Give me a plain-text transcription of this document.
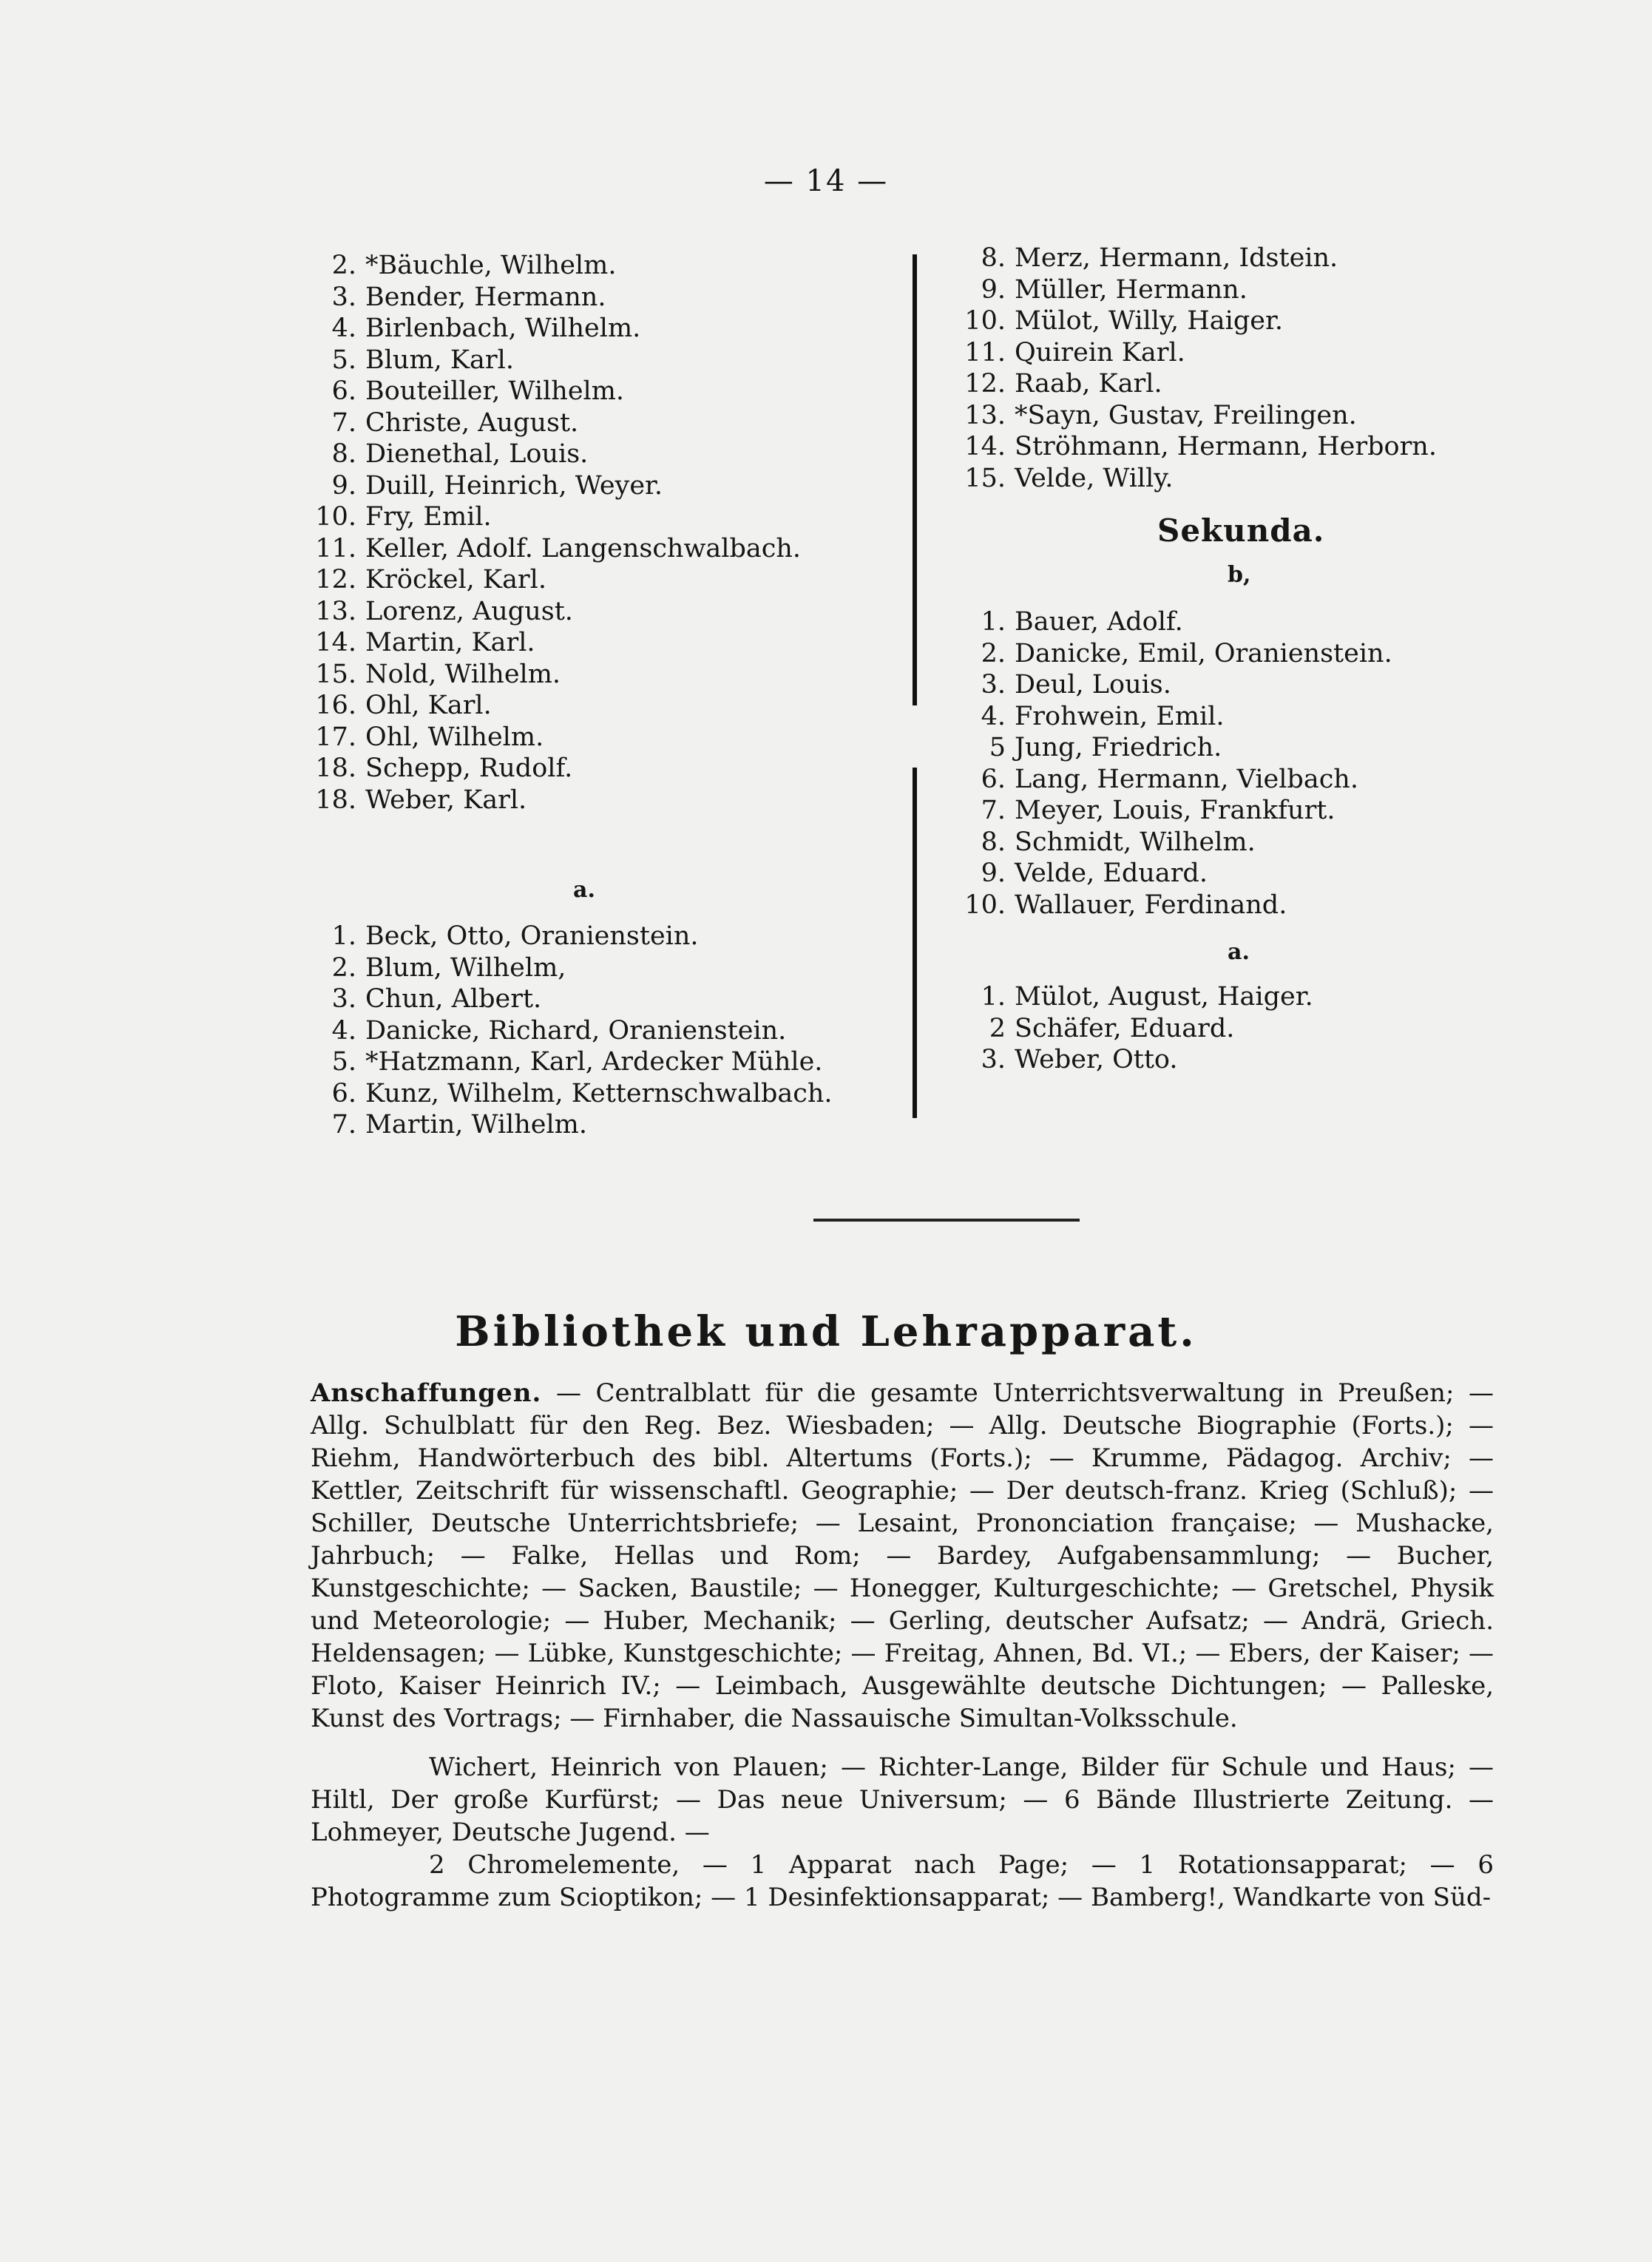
— 14 —
2. *Bäuchle, Wilhelm.
3. Bender, Hermann.
4. Birlenbach, Wilhelm.
5. Blum, Karl.
6. Bouteiller, Wilhelm.
7. Christe, August.
8. Dienethal, Louis.
9. Duill, Heinrich, Weyer.
10. Fry, Emil.
11. Keller, Adolf. Langenschwalbach.
12. Kröckel, Karl.
13. Lorenz, August.
14. Martin, Karl.
15. Nold, Wilhelm.
16. Ohl, Karl.
17. Ohl, Wilhelm.
18. Schepp, Rudolf.
18. Weber, Karl.
a.
1. Beck, Otto, Oranienstein.
2. Blum, Wilhelm,
3. Chun, Albert.
4. Danicke, Richard, Oranienstein.
5. *Hatzmann, Karl, Ardecker Mühle.
6. Kunz, Wilhelm, Ketternschwalbach.
7. Martin, Wilhelm.
8. Merz, Hermann, Idstein.
9. Müller, Hermann.
10. Mülot, Willy, Haiger.
11. Quirein Karl.
12. Raab, Karl.
13. *Sayn, Gustav, Freilingen.
14. Ströhmann, Hermann, Herborn.
15. Velde, Willy.
Sekunda.
b,
1. Bauer, Adolf.
2. Danicke, Emil, Oranienstein.
3. Deul, Louis.
4. Frohwein, Emil.
5 Jung, Friedrich.
6. Lang, Hermann, Vielbach.
7. Meyer, Louis, Frankfurt.
8. Schmidt, Wilhelm.
9. Velde, Eduard.
10. Wallauer, Ferdinand.
a.
1. Mülot, August, Haiger.
2 Schäfer, Eduard.
3. Weber, Otto.
Bibliothek und Lehrapparat.
Anschaffungen. — Centralblatt für die gesamte Unterrichtsverwaltung in Preußen; — Allg. Schulblatt für den Reg. Bez. Wiesbaden; — Allg. Deutsche Biographie (Forts.); — Riehm, Handwörterbuch des bibl. Altertums (Forts.); — Krumme, Pädagog. Archiv; — Kettler, Zeitschrift für wissenschaftl. Geographie; — Der deutsch-franz. Krieg (Schluß); — Schiller, Deutsche Unterrichtsbriefe; — Lesaint, Prononciation française; — Mushacke, Jahrbuch; — Falke, Hellas und Rom; — Bardey, Aufgabensammlung; — Bucher, Kunstgeschichte; — Sacken, Baustile; — Honegger, Kulturgeschichte; — Gretschel, Physik und Meteorologie; — Huber, Mechanik; — Gerling, deutscher Aufsatz; — Andrä, Griech. Heldensagen; — Lübke, Kunstgeschichte; — Freitag, Ahnen, Bd. VI.; — Ebers, der Kaiser; — Floto, Kaiser Heinrich IV.; — Leimbach, Ausgewählte deutsche Dichtungen; — Palleske, Kunst des Vortrags; — Firnhaber, die Nassauische Simultan-Volksschule.
Wichert, Heinrich von Plauen; — Richter-Lange, Bilder für Schule und Haus; — Hiltl, Der große Kurfürst; — Das neue Universum; — 6 Bände Illustrierte Zeitung. — Lohmeyer, Deutsche Jugend. —
2 Chromelemente, — 1 Apparat nach Page; — 1 Rotationsapparat; — 6 Photogramme zum Scioptikon; — 1 Desinfektionsapparat; — Bamberg!, Wandkarte von Süd-
